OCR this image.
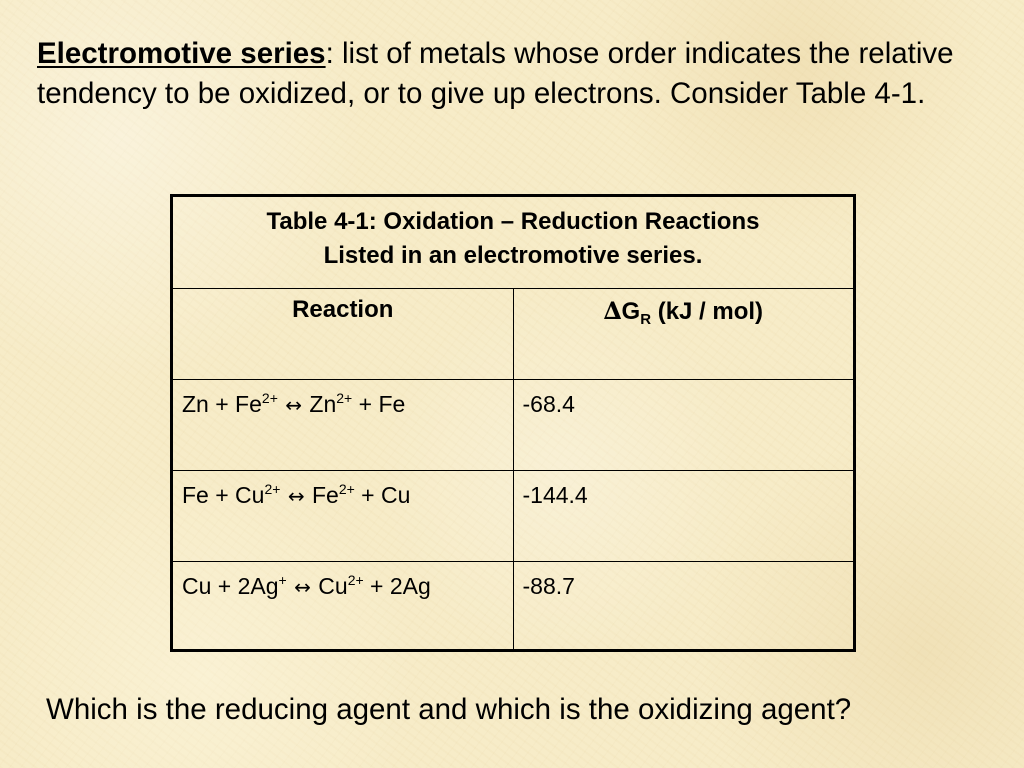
Electromotive series: list of metals whose order indicates the relative tendency to be oxidized, or to give up electrons. Consider Table 4-1.

Table 4-1: Oxidation – Reduction Reactions
Listed in an electromotive series.	

Reaction	$\Delta G_R$ (kJ / mol)

$Zn + Fe^{2+}$ ↔ $Zn^{2+} + Fe$	-68.4

$Fe + Cu^{2+}$ ↔ $Fe^{2+} + Cu$	-144.4

Cu + 2Ag+ ↔ $Cu^{2+} + 2Ag$	-88.7

Which is the reducing agent and which is the oxidizing agent?
